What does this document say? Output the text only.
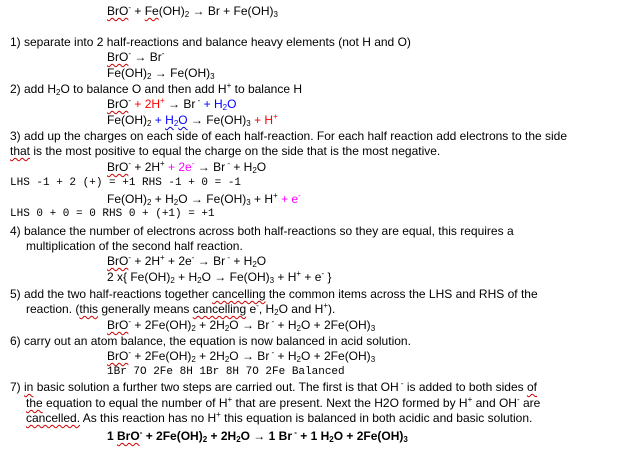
$BrO^- + Fe(OH)_2 \to Br + Fe(OH)_3$
1) separate into 2 half-reactions and balance heavy elements (not H and O)
BrO- → Br-
$Fe(OH)_2 \to Fe(OH)_3$
2) add $H_2O$ to balance O and then add H+ to balance H
BrO- + 2H+ → Br $^- + H_2O$
$Fe(OH)_2 + H_2O \to Fe(OH)_3 + H^+$
3) add up the charges on each side of each half-reaction. For each half reaction add electrons to the side
that is the most positive to equal the charge on the side that is the most negative.
BrO- + 2H+ + 2e- → Br $^- + H_2O$
LHS -1 + 2 (+) = +1 RHS -1 + 0 = -1
$Fe(OH)_2 + H_2O \to Fe(OH)_3 + H^+ + e^-$
LHS 0 + 0 = 0 RHS 0 + (+1) = +1
4) balance the number of electrons across both half-reactions so they are equal, this requires a
multiplication of the second half reaction.
BrO- + 2H+ + 2e- → Br $^- + H_2O$
2 x{ $Fe(OH)_2 + H_2O \to Fe(OH)_3 + H^+ + e^-$ }
5) add the two half-reactions together cancelling the common items across the LHS and RHS of the
reaction. (this generally means cancelling e-, $H_2O$ and H+).
$BrO^- + 2Fe(OH)_2 + 2H_2O \to Br$ $^- + H_2O + 2Fe(OH)_3$
6) carry out an atom balance, the equation is now balanced in acid solution.
$BrO^- + 2Fe(OH)_2 + 2H_2O \to Br$ $^- + H_2O + 2Fe(OH)_3$
1Br 7O 2Fe 8H 1Br 8H 7O 2Fe Balanced
7) in basic solution a further two steps are carried out. The first is that OH - is added to both sides of
the equation to equal the number of H+ that are present. Next the H2O formed by H+ and OH- are
cancelled. As this reaction has no H+ this equation is balanced in both acidic and basic solution.
1 $BrO^- + 2Fe(OH)_2 + 2H_2O \to 1$ Br - + 1 $H_2O + 2Fe(OH)_3$
